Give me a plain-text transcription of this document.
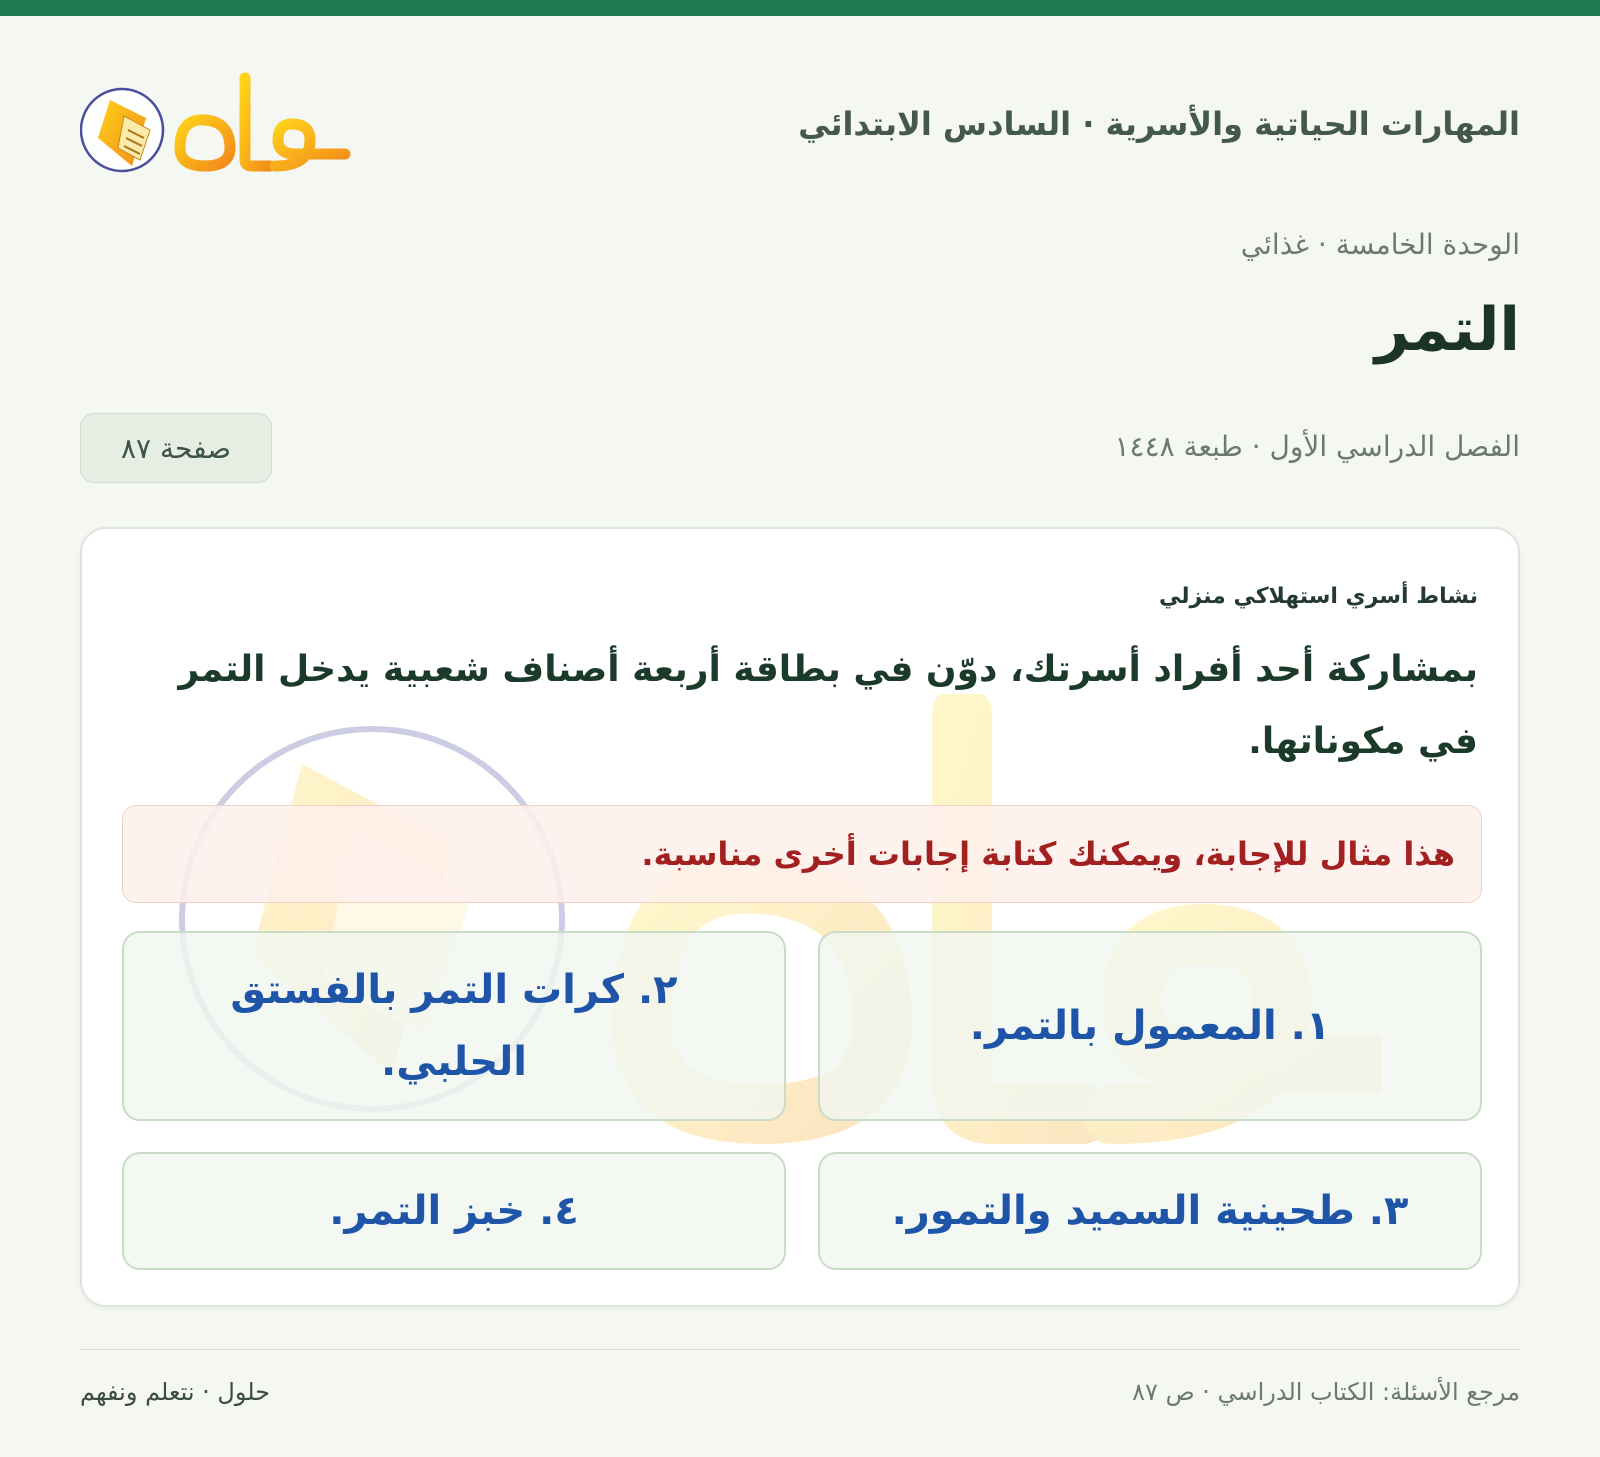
المهارات الحياتية والأسرية · السادس الابتدائي
الوحدة الخامسة · غذائي
التمر
الفصل الدراسي الأول · طبعة ١٤٤٨
صفحة ٨٧
نشاط أسري استهلاكي منزلي
بمشاركة أحد أفراد أسرتك، دوّن في بطاقة أربعة أصناف شعبية يدخل التمر في مكوناتها.
هذا مثال للإجابة، ويمكنك كتابة إجابات أخرى مناسبة.
١. المعمول بالتمر.
٢. كرات التمر بالفستق الحلبي.
٣. طحينية السميد والتمور.
٤. خبز التمر.
مرجع الأسئلة: الكتاب الدراسي · ص ٨٧
حلول · نتعلم ونفهم
